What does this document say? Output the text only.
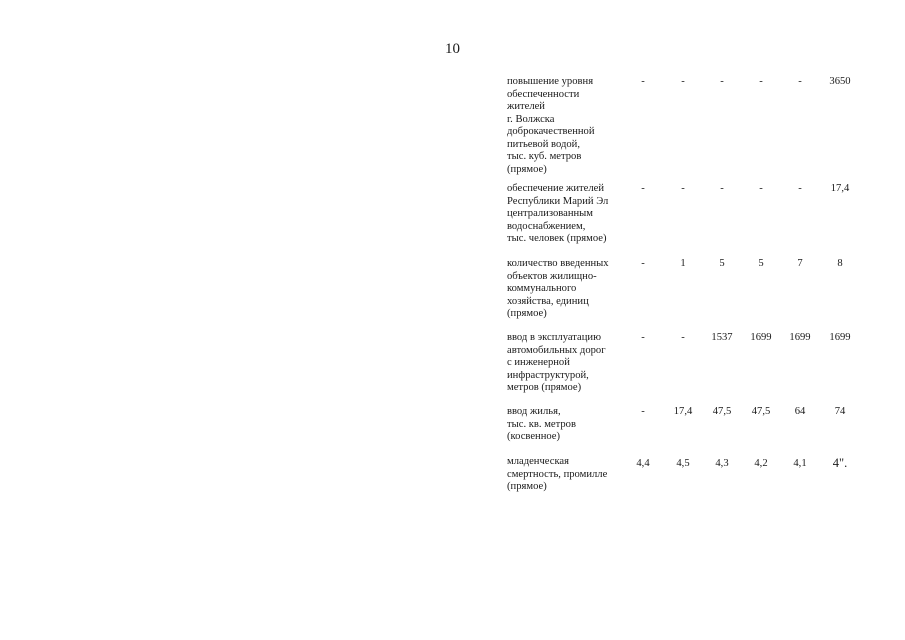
10
повышение уровня
обеспеченности
жителей
г. Волжска
доброкачественной
питьевой водой,
тыс. куб. метров
(прямое)
-	-	-	-	-	3650
обеспечение жителей
Республики Марий Эл
централизованным
водоснабжением,
тыс. человек (прямое)
-	-	-	-	-	17,4
количество введенных
объектов жилищно-
коммунального
хозяйства, единиц
(прямое)
-	1	5	5	7	8
ввод в эксплуатацию
автомобильных дорог
с инженерной
инфраструктурой,
метров (прямое)
-	-	1537	1699	1699	1699
ввод жилья,
тыс. кв. метров
(косвенное)
-	17,4	47,5	47,5	64	74
младенческая
смертность, промилле
(прямое)
4,4	4,5	4,3	4,2	4,1	4".
